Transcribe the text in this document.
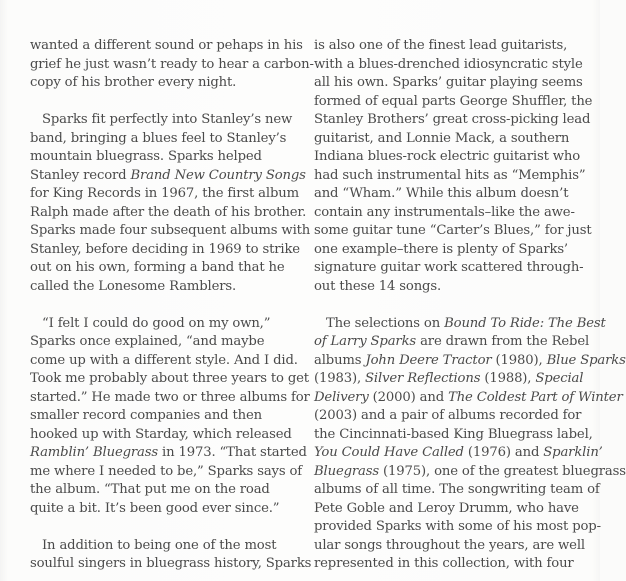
wanted a different sound or pehaps in his
grief he just wasn’t ready to hear a carbon-
copy of his brother every night.
Sparks fit perfectly into Stanley’s new
band, bringing a blues feel to Stanley’s
mountain bluegrass. Sparks helped
Stanley record Brand New Country Songs
for King Records in 1967, the first album
Ralph made after the death of his brother.
Sparks made four subsequent albums with
Stanley, before deciding in 1969 to strike
out on his own, forming a band that he
called the Lonesome Ramblers.
“I felt I could do good on my own,”
Sparks once explained, “and maybe
come up with a different style. And I did.
Took me probably about three years to get
started.” He made two or three albums for
smaller record companies and then
hooked up with Starday, which released
Ramblin’ Bluegrass in 1973. “That started
me where I needed to be,” Sparks says of
the album. “That put me on the road
quite a bit. It’s been good ever since.”
In addition to being one of the most
soulful singers in bluegrass history, Sparks
is also one of the finest lead guitarists,
with a blues-drenched idiosyncratic style
all his own. Sparks’ guitar playing seems
formed of equal parts George Shuffler, the
Stanley Brothers’ great cross-picking lead
guitarist, and Lonnie Mack, a southern
Indiana blues-rock electric guitarist who
had such instrumental hits as “Memphis”
and “Wham.” While this album doesn’t
contain any instrumentals–like the awe-
some guitar tune “Carter’s Blues,” for just
one example–there is plenty of Sparks’
signature guitar work scattered through-
out these 14 songs.
The selections on Bound To Ride: The Best
of Larry Sparks are drawn from the Rebel
albums John Deere Tractor (1980), Blue Sparks
(1983), Silver Reflections (1988), Special
Delivery (2000) and The Coldest Part of Winter
(2003) and a pair of albums recorded for
the Cincinnati-based King Bluegrass label,
You Could Have Called (1976) and Sparklin’
Bluegrass (1975), one of the greatest bluegrass
albums of all time. The songwriting team of
Pete Goble and Leroy Drumm, who have
provided Sparks with some of his most pop-
ular songs throughout the years, are well
represented in this collection, with four
